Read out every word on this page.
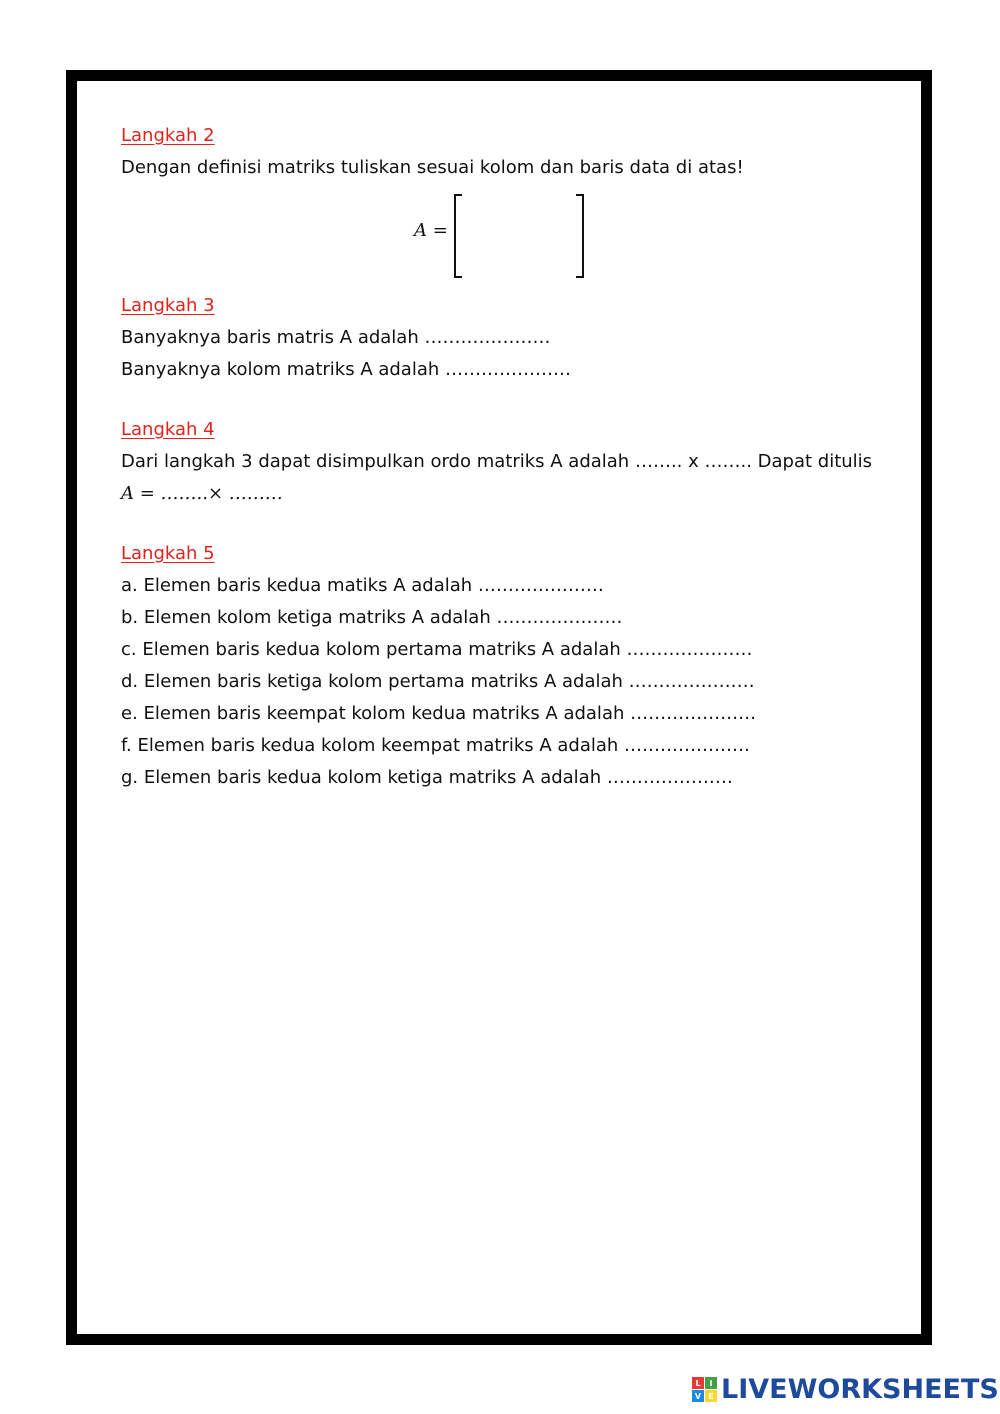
Langkah 2

Dengan definisi matriks tuliskan sesuai kolom dan baris data di atas!

A =
Langkah 3

Banyaknya baris matris A adalah …………………

Banyaknya kolom matriks A adalah …………………

Langkah 4

Dari langkah 3 dapat disimpulkan ordo matriks A adalah …….. x …….. Dapat ditulis

A = ……..× ………

Langkah 5

a. Elemen baris kedua matiks A adalah …………………

b. Elemen kolom ketiga matriks A adalah …………………

c. Elemen baris kedua kolom pertama matriks A adalah …………………

d. Elemen baris ketiga kolom pertama matriks A adalah …………………

e. Elemen baris keempat kolom kedua matriks A adalah …………………

f. Elemen baris kedua kolom keempat matriks A adalah …………………

g. Elemen baris kedua kolom ketiga matriks A adalah …………………

L	I
V E LIVEWORKSHEETS
